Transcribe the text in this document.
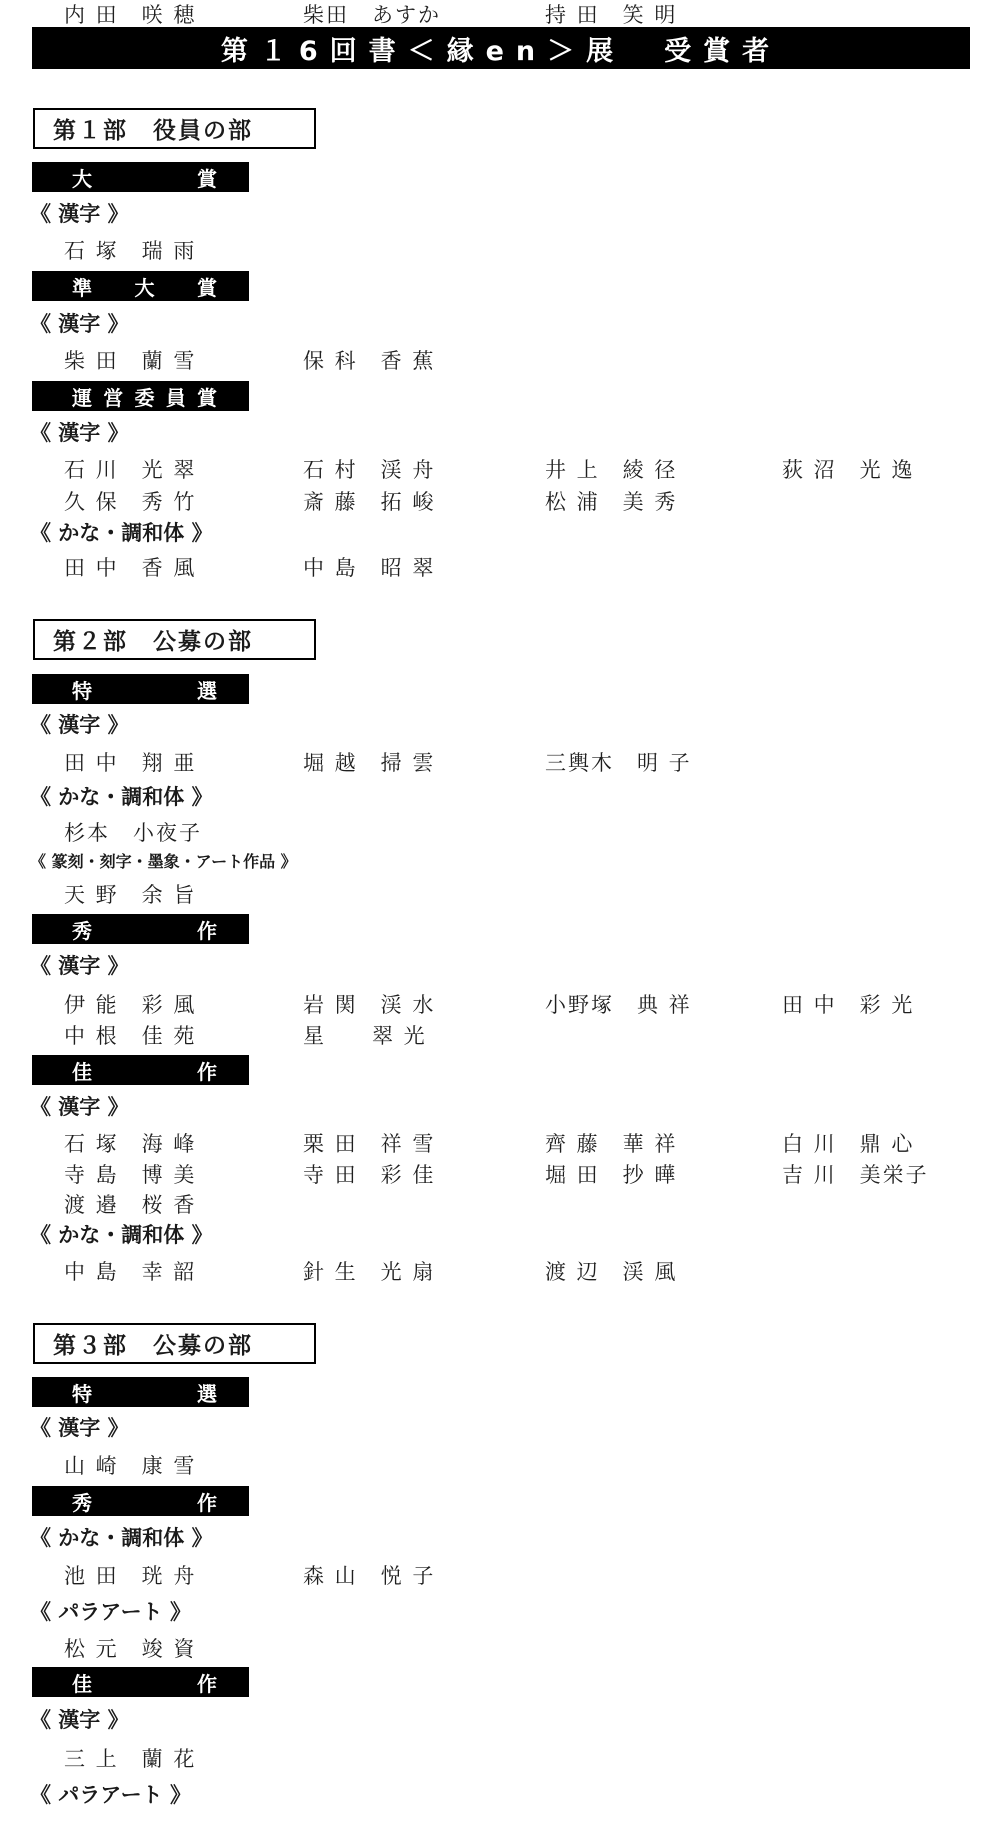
第１6回書＜縁en＞展　受賞者
第１部　役員の部
大	賞
《 漢字 》
石 塚　瑞 雨
準 大 賞
《 漢字 》
柴 田　蘭 雪	保 科　香 蕉
運 営 委 員 賞
《 漢字 》
石 川　光 翠	石 村　渓 舟	井 上　綾 径	荻 沼　光 逸
久 保　秀 竹	斎 藤　拓 峻	松 浦　美 秀
《 かな・調和体 》
田 中　香 風	中 島　昭 翠
第２部　公募の部
特	選
《 漢字 》
田 中　翔 亜	堀 越　掃 雲	三輿木　明 子
《 かな・調和体 》
杉本　小夜子
《 篆刻・刻字・墨象・アート作品 》
天 野　余 旨
秀	作
《 漢字 》
伊 能　彩 風	岩 関　渓 水	小野塚　典 祥	田 中　彩 光
中 根　佳 苑	星　　翠 光
佳	作
《 漢字 》
石 塚　海 峰	栗 田　祥 雪	齊 藤　華 祥	白 川　鼎 心
寺 島　博 美	寺 田　彩 佳	堀 田　抄 曄	吉 川　美栄子
渡 邉　桜 香
《 かな・調和体 》
中 島　幸 韶	針 生　光 扇	渡 辺　渓 風
第３部　公募の部
特	選
《 漢字 》
山 崎　康 雪
秀	作
《 かな・調和体 》
池 田　珖 舟	森 山　悦 子
《 パラアート 》
松 元　竣 資
佳	作
《 漢字 》
三 上　蘭 花
《 パラアート 》
内 田　咲 穂	柴田　あすか	持 田　笑 明
